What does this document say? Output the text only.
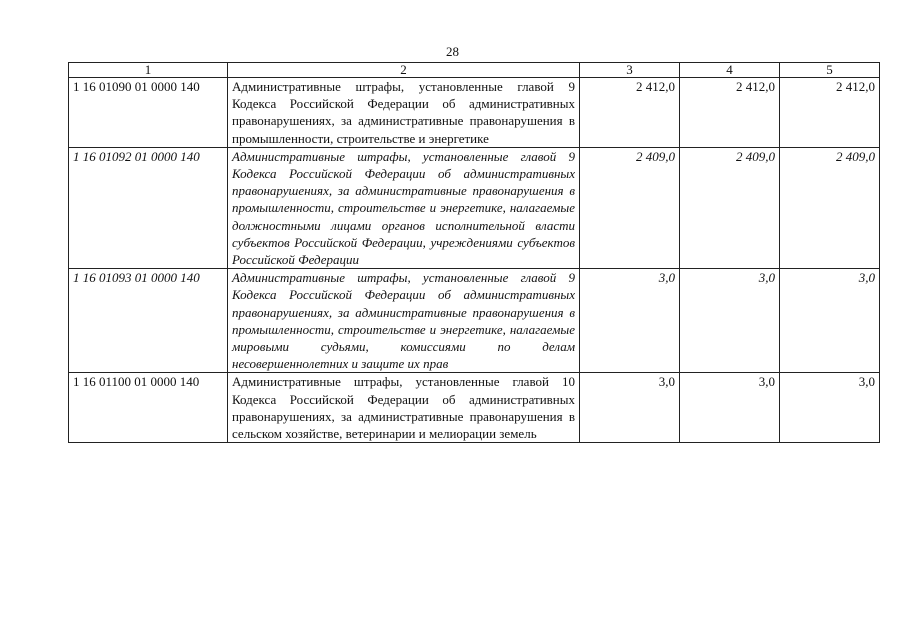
28
1	2	3	4	5
1 16 01090 01 0000 140	Административные штрафы, установленные главой 9 Кодекса Российской Федерации об административных правонарушениях, за административные правонарушения в промышленности, строительстве и энергетике	2 412,0	2 412,0	2 412,0
1 16 01092 01 0000 140	Административные штрафы, установленные главой 9 Кодекса Российской Федерации об административных правонарушениях, за административные правонарушения в промышленности, строительстве и энергетике, налагаемые должностными лицами органов исполнительной власти субъектов Российской Федерации, учреждениями субъектов Российской Федерации	2 409,0	2 409,0	2 409,0
1 16 01093 01 0000 140	Административные штрафы, установленные главой 9 Кодекса Российской Федерации об административных правонарушениях, за административные правонарушения в промышленности, строительстве и энергетике, налагаемые мировыми судьями, комиссиями по делам несовершеннолетних и защите их прав	3,0	3,0	3,0
1 16 01100 01 0000 140	Административные штрафы, установленные главой 10 Кодекса Российской Федерации об административных правонарушениях, за административные правонарушения в сельском хозяйстве, ветеринарии и мелиорации земель	3,0	3,0	3,0
